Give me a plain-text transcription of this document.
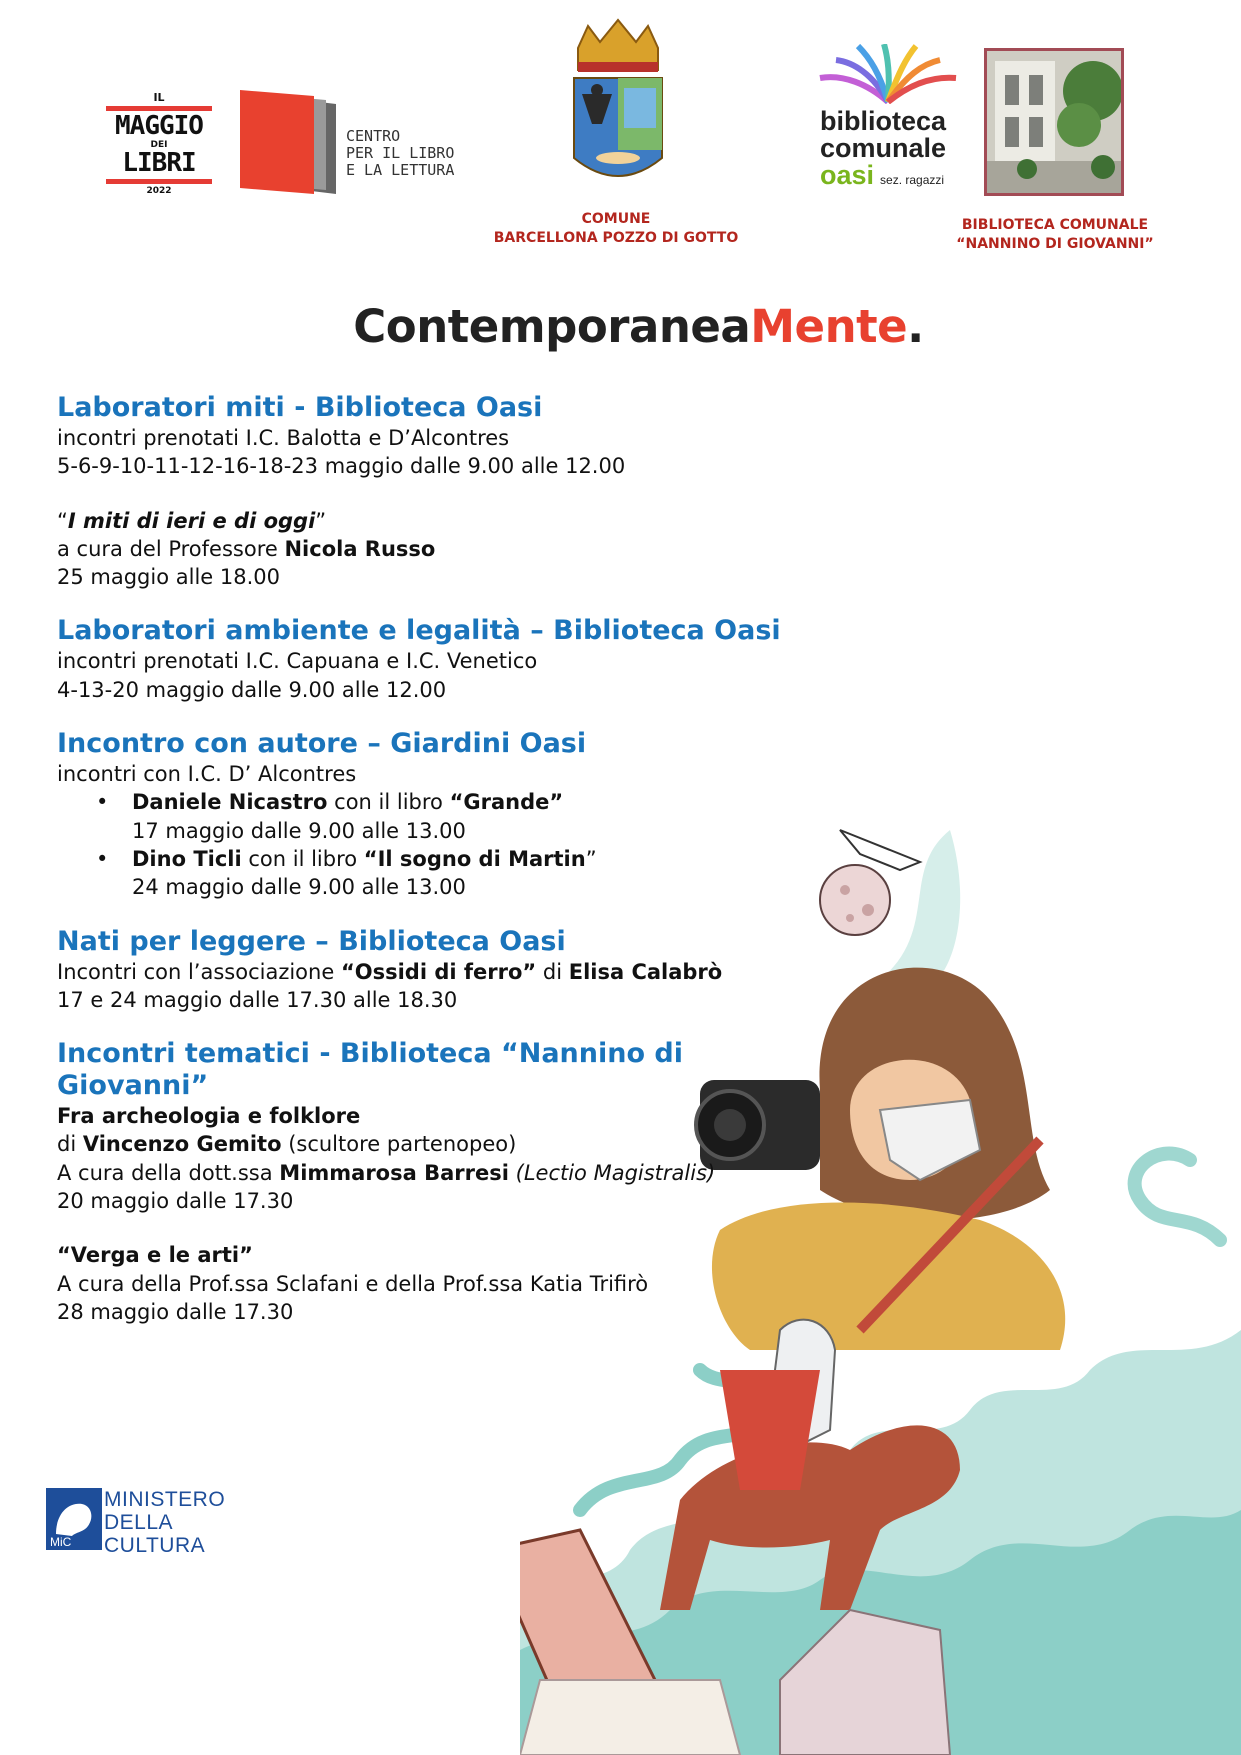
IL
MAGGIO
DEI
LIBRI
2022
CENTRO
PER IL LIBRO
E LA LETTURA
COMUNE
BARCELLONA POZZO DI GOTTO
biblioteca
comunale
oasi sez. ragazzi
BIBLIOTECA COMUNALE
“NANNINO DI GIOVANNI”
ContemporaneaMente.
Laboratori miti - Biblioteca Oasi

incontri prenotati I.C. Balotta e D’Alcontres

5-6-9-10-11-12-16-18-23 maggio dalle 9.00 alle 12.00

“I miti di ieri e di oggi”

a cura del Professore Nicola Russo

25 maggio alle 18.00

Laboratori ambiente e legalità – Biblioteca Oasi

incontri prenotati I.C. Capuana e I.C. Venetico

4-13-20 maggio dalle 9.00 alle 12.00

Incontro con autore – Giardini Oasi

incontri con I.C. D’ Alcontres

• Daniele Nicastro con il libro “Grande”
17 maggio dalle 9.00 alle 13.00
• Dino Ticli con il libro “Il sogno di Martin”
24 maggio dalle 9.00 alle 13.00
Nati per leggere – Biblioteca Oasi

Incontri con l’associazione “Ossidi di ferro” di Elisa Calabrò

17 e 24 maggio dalle 17.30 alle 18.30

Incontri tematici - Biblioteca “Nannino di Giovanni”

Fra archeologia e folklore

di Vincenzo Gemito (scultore partenopeo)

A cura della dott.ssa Mimmarosa Barresi (Lectio Magistralis)

20 maggio dalle 17.30

“Verga e le arti”

A cura della Prof.ssa Sclafani e della Prof.ssa Katia Trifirò

28 maggio dalle 17.30

MiC
MINISTERO
DELLA
CULTURA
